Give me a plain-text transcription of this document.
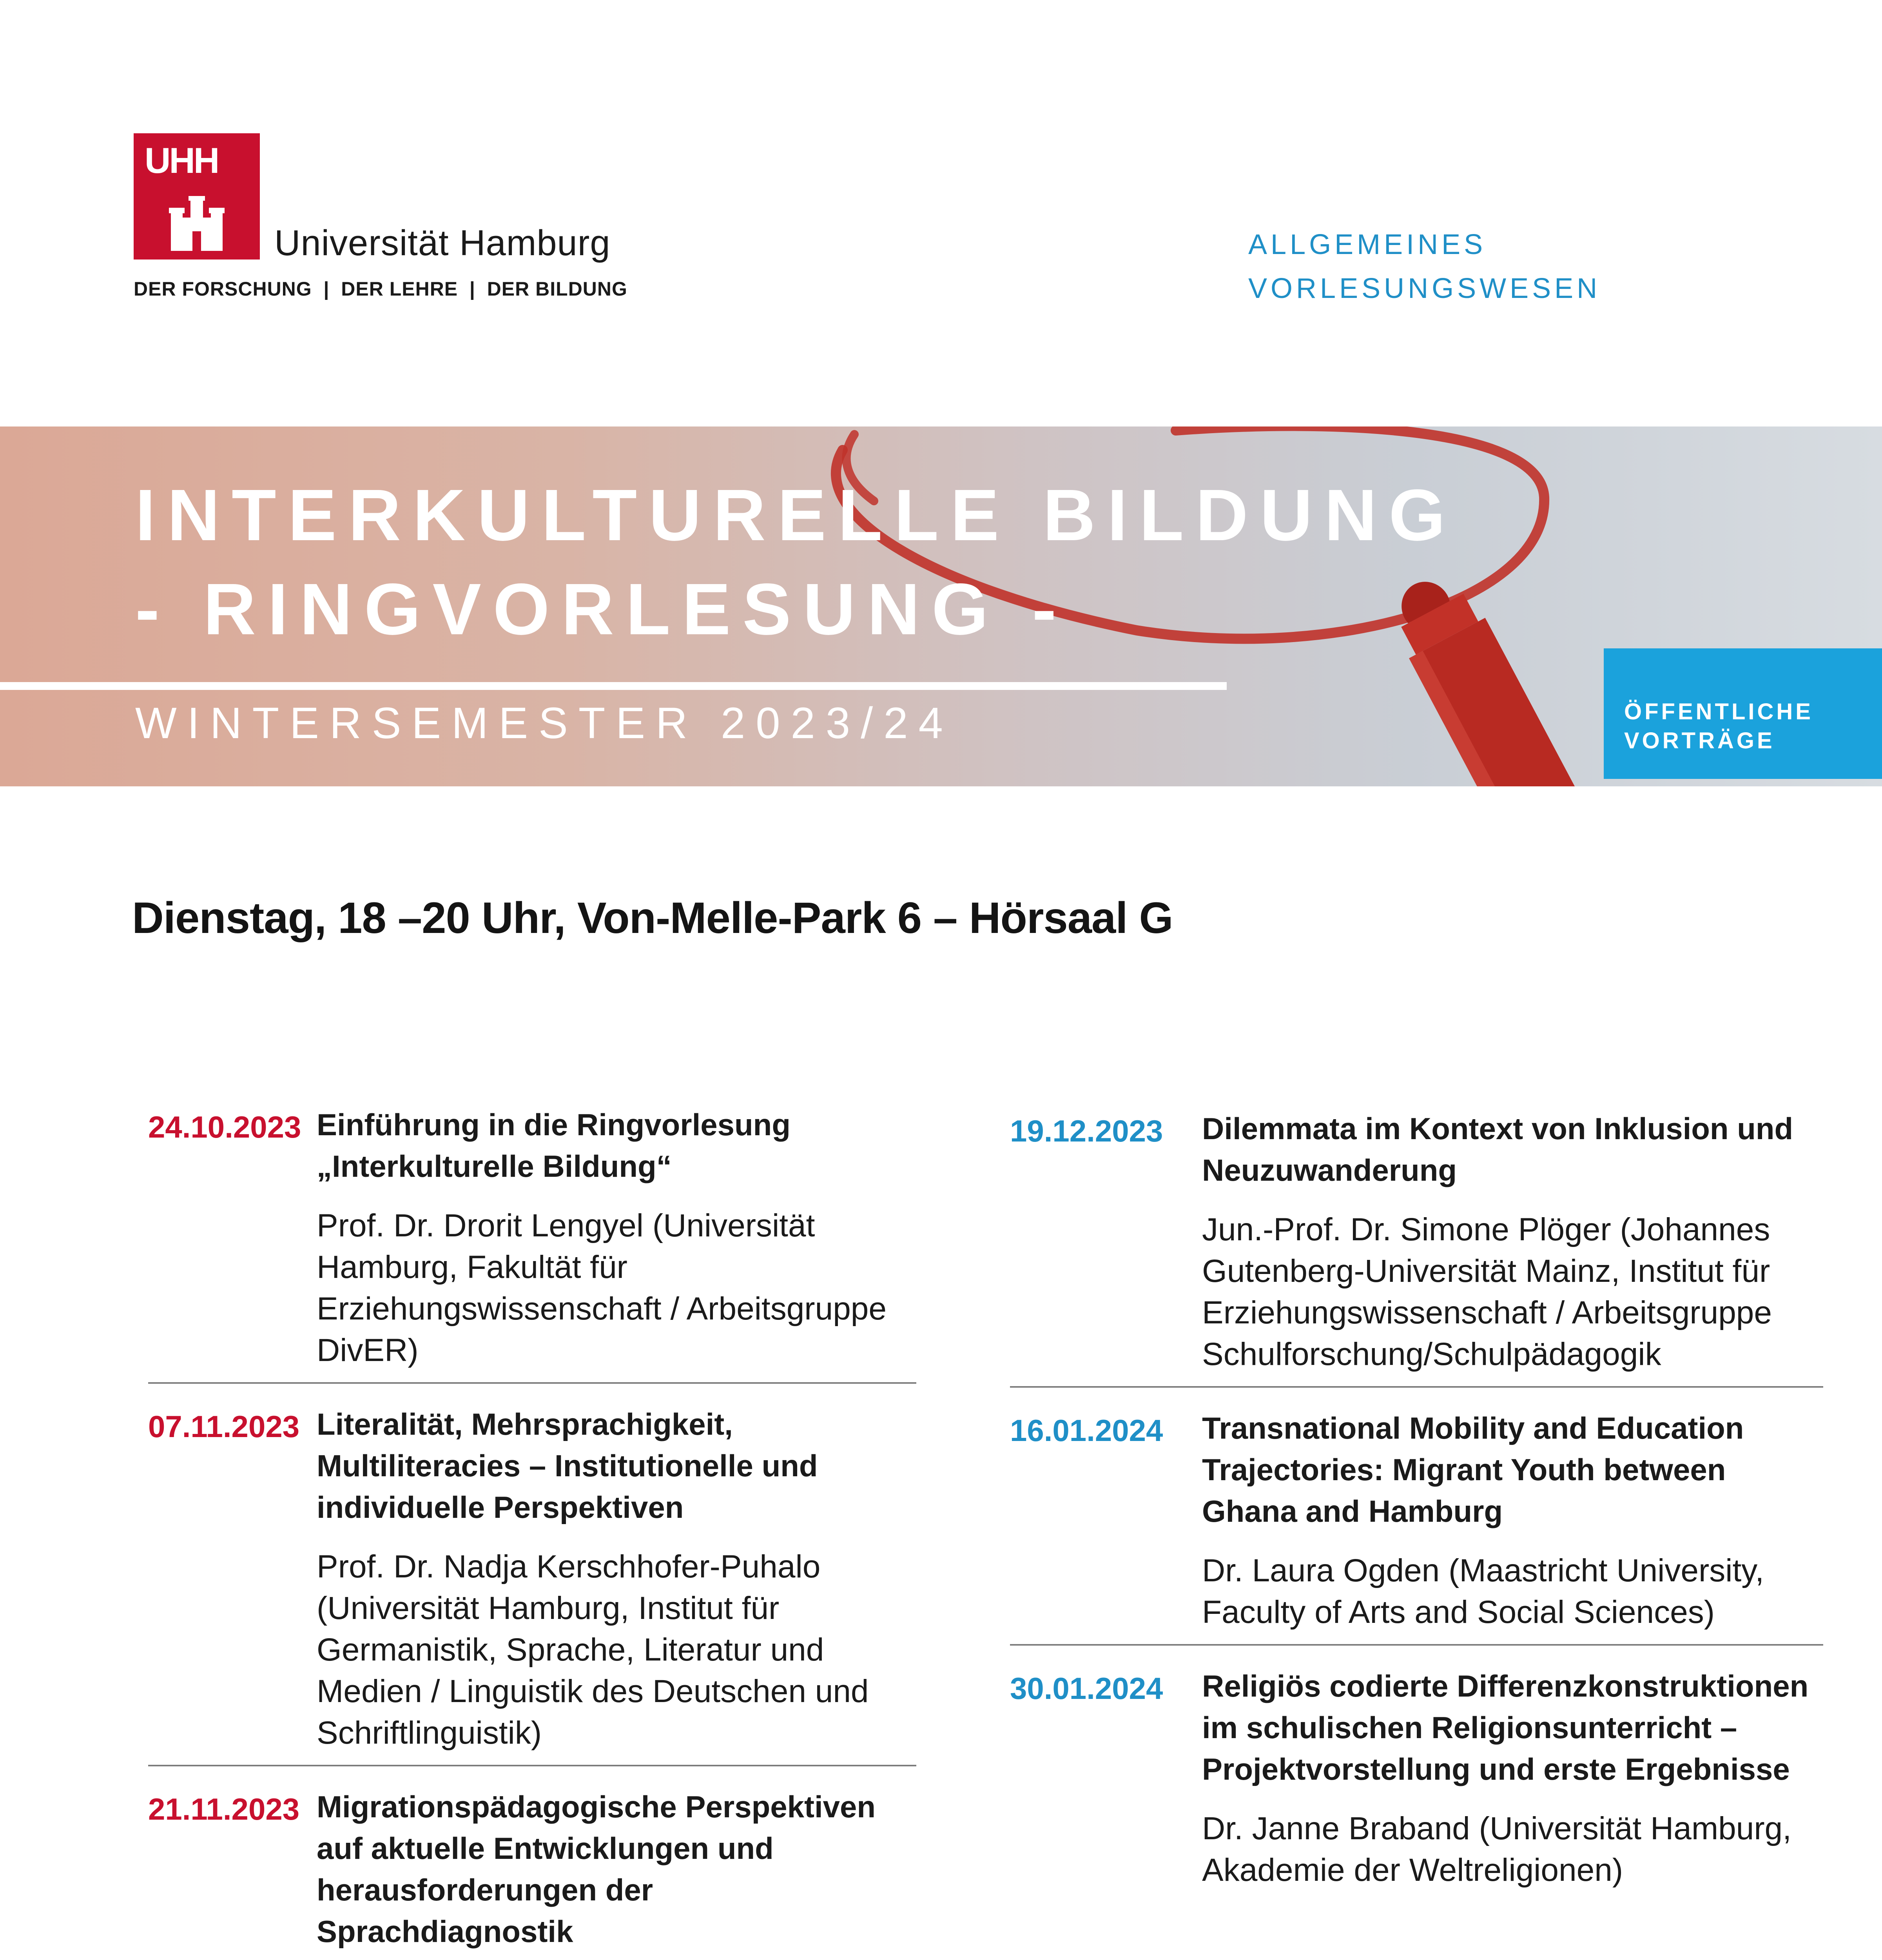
UHH
Universität Hamburg
DER FORSCHUNG  |  DER LEHRE  |  DER BILDUNG
ALLGEMEINES
VORLESUNGSWESEN
INTERKULTURELLE BILDUNG
- RINGVORLESUNG -
WINTERSEMESTER 2023/24	ÖFFENTLICHE
VORTRÄGE
Dienstag, 18 –20 Uhr, Von-Melle-Park 6 – Hörsaal G
24.10.2023 Einführung in die Ringvorlesung
„Interkulturelle Bildung“
Prof. Dr. Drorit Lengyel (Universität
Hamburg, Fakultät für
Erziehungswissenschaft / Arbeitsgruppe
DivER)
07.11.2023 Literalität, Mehrsprachigkeit,
Multiliteracies – Institutionelle und
individuelle Perspektiven
Prof. Dr. Nadja Kerschhofer-Puhalo
(Universität Hamburg, Institut für
Germanistik, Sprache, Literatur und
Medien / Linguistik des Deutschen und
Schriftlinguistik)
21.11.2023 Migrationspädagogische Perspektiven
auf aktuelle Entwicklungen und
herausforderungen der
Sprachdiagnostik
19.12.2023 Dilemmata im Kontext von Inklusion und
Neuzuwanderung
Jun.-Prof. Dr. Simone Plöger (Johannes
Gutenberg-Universität Mainz, Institut für
Erziehungswissenschaft / Arbeitsgruppe
Schulforschung/Schulpädagogik
16.01.2024 Transnational Mobility and Education
Trajectories: Migrant Youth between
Ghana and Hamburg
Dr. Laura Ogden (Maastricht University,
Faculty of Arts and Social Sciences)
30.01.2024 Religiös codierte Differenzkonstruktionen
im schulischen Religionsunterricht –
Projektvorstellung und erste Ergebnisse
Dr. Janne Braband (Universität Hamburg,
Akademie der Weltreligionen)
